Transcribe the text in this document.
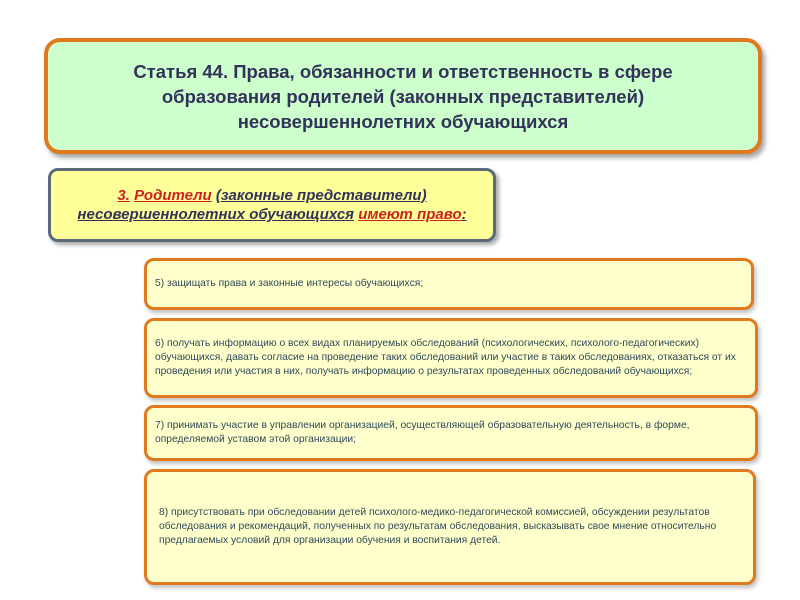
Статья 44. Права, обязанности и ответственность в сфере
образования родителей (законных представителей)
несовершеннолетних обучающихся
3. Родители (законные представители)
несовершеннолетних обучающихся имеют право:
5) защищать права и законные интересы обучающихся;
6) получать информацию о всех видах планируемых обследований (психологических, психолого-педагогических) обучающихся, давать согласие на проведение таких обследований или участие в таких обследованиях, отказаться от их проведения или участия в них, получать информацию о результатах проведенных обследований обучающихся;
7) принимать участие в управлении организацией, осуществляющей образовательную деятельность, в форме, определяемой уставом этой организации;
8) присутствовать при обследовании детей психолого-медико-педагогической комиссией, обсуждении результатов обследования и рекомендаций, полученных по результатам обследования, высказывать свое мнение относительно предлагаемых условий для организации обучения и воспитания детей.
